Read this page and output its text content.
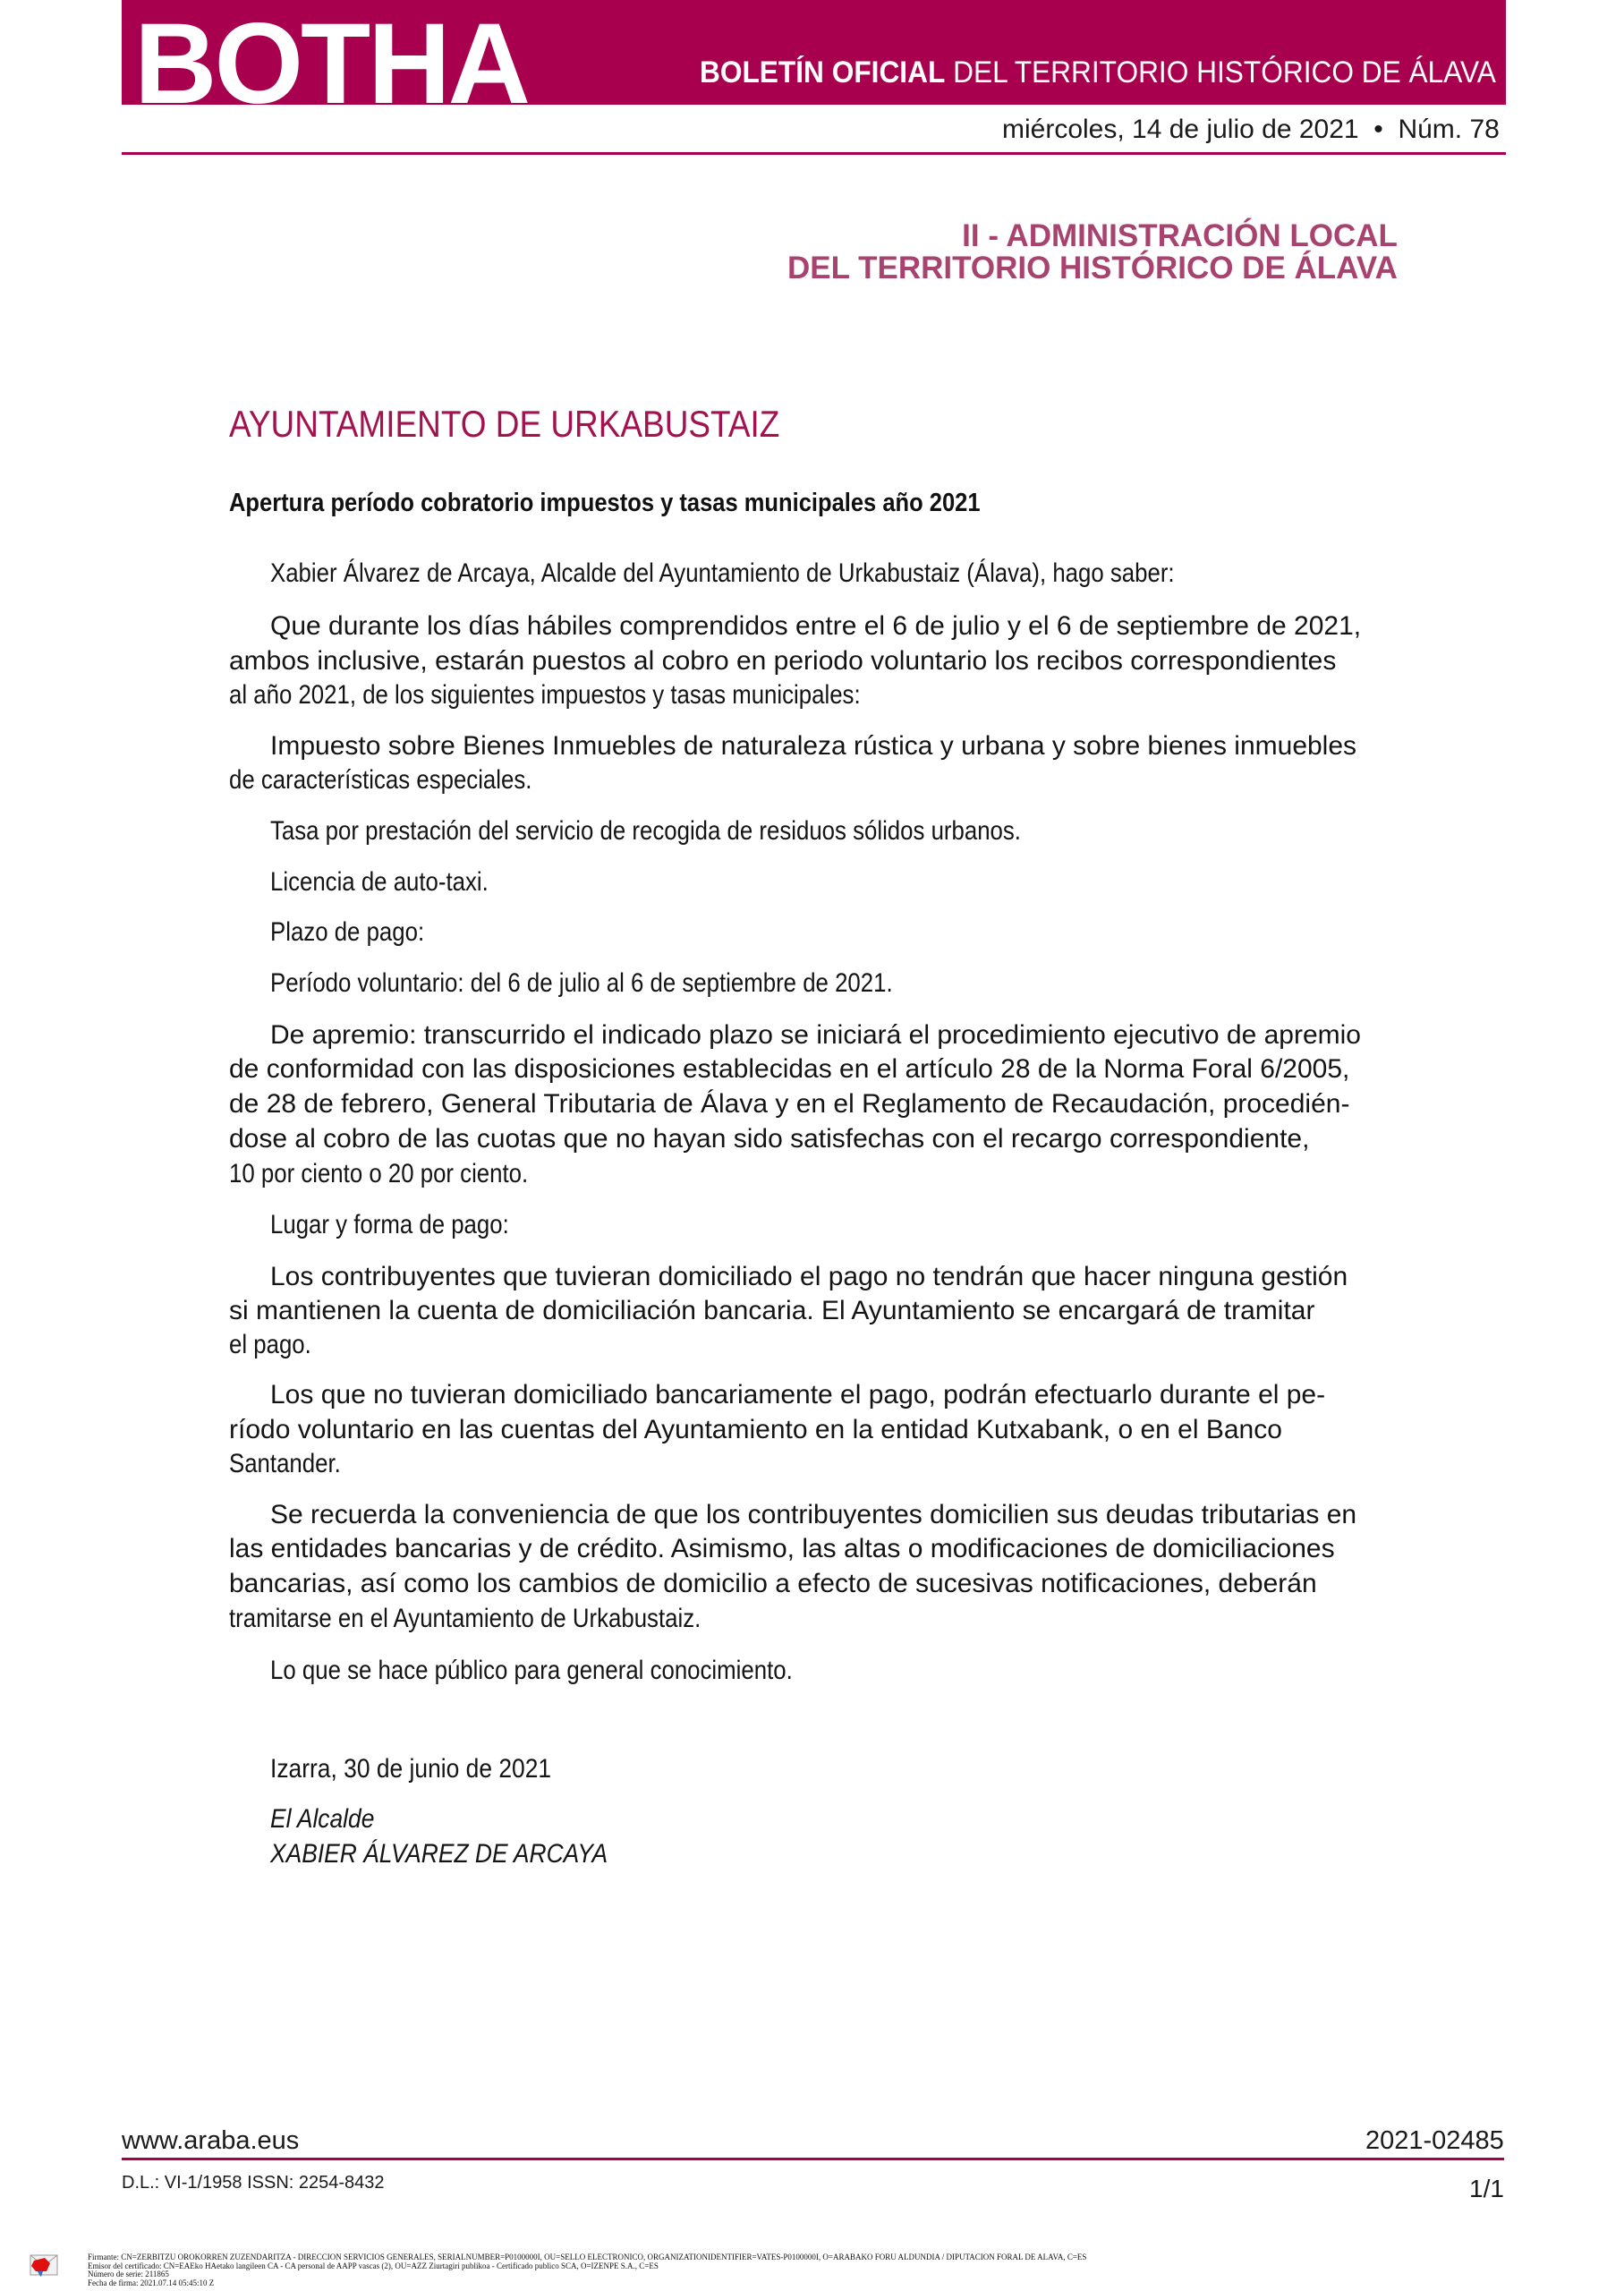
BOTHA	BOLETÍN OFICIAL DEL TERRITORIO HISTÓRICO DE ÁLAVA
miércoles, 14 de julio de 2021 • Núm. 78
II - ADMINISTRACIÓN LOCAL
DEL TERRITORIO HISTÓRICO DE ÁLAVA
AYUNTAMIENTO DE URKABUSTAIZ
Apertura período cobratorio impuestos y tasas municipales año 2021
Xabier Álvarez de Arcaya, Alcalde del Ayuntamiento de Urkabustaiz (Álava), hago saber:
Que durante los días hábiles comprendidos entre el 6 de julio y el 6 de septiembre de 2021,
ambos inclusive, estarán puestos al cobro en periodo voluntario los recibos correspondientes
al año 2021, de los siguientes impuestos y tasas municipales:
Impuesto sobre Bienes Inmuebles de naturaleza rústica y urbana y sobre bienes inmuebles
de características especiales.
Tasa por prestación del servicio de recogida de residuos sólidos urbanos.
Licencia de auto-taxi.
Plazo de pago:
Período voluntario: del 6 de julio al 6 de septiembre de 2021.
De apremio: transcurrido el indicado plazo se iniciará el procedimiento ejecutivo de apremio
de conformidad con las disposiciones establecidas en el artículo 28 de la Norma Foral 6/2005,
de 28 de febrero, General Tributaria de Álava y en el Reglamento de Recaudación, procedién-
dose al cobro de las cuotas que no hayan sido satisfechas con el recargo correspondiente,
10 por ciento o 20 por ciento.
Lugar y forma de pago:
Los contribuyentes que tuvieran domiciliado el pago no tendrán que hacer ninguna gestión
si mantienen la cuenta de domiciliación bancaria. El Ayuntamiento se encargará de tramitar
el pago.
Los que no tuvieran domiciliado bancariamente el pago, podrán efectuarlo durante el pe-
ríodo voluntario en las cuentas del Ayuntamiento en la entidad Kutxabank, o en el Banco
Santander.
Se recuerda la conveniencia de que los contribuyentes domicilien sus deudas tributarias en
las entidades bancarias y de crédito. Asimismo, las altas o modificaciones de domiciliaciones
bancarias, así como los cambios de domicilio a efecto de sucesivas notificaciones, deberán
tramitarse en el Ayuntamiento de Urkabustaiz.
Lo que se hace público para general conocimiento.
Izarra, 30 de junio de 2021
El Alcalde
XABIER ÁLVAREZ DE ARCAYA
www.araba.eus	2021-02485
D.L.: VI-1/1958 ISSN: 2254-8432	1/1
Firmante: CN=ZERBITZU OROKORREN ZUZENDARITZA - DIRECCION SERVICIOS GENERALES, SERIALNUMBER=P0100000I, OU=SELLO ELECTRONICO, ORGANIZATIONIDENTIFIER=VATES-P0100000I, O=ARABAKO FORU ALDUNDIA / DIPUTACION FORAL DE ALAVA, C=ES
Emisor del certificado: CN=EAEko HAetako langileen CA - CA personal de AAPP vascas (2), OU=AZZ Ziurtagiri publikoa - Certificado publico SCA, O=IZENPE S.A., C=ES
Número de serie: 211865
Fecha de firma: 2021.07.14 05:45:10 Z
